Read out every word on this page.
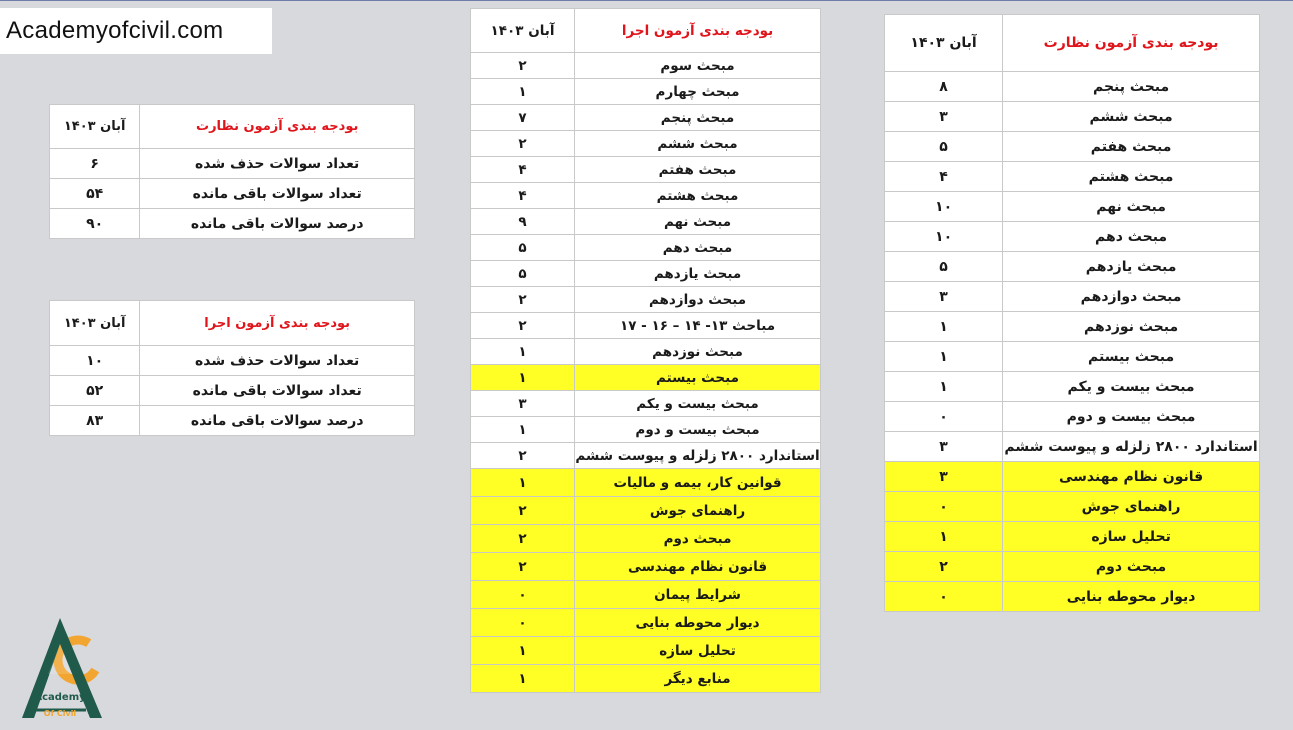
Academyofcivil.com
بودجه بندی آزمون نظارت	آبان ۱۴۰۳
تعداد سوالات حذف شده	۶
تعداد سوالات باقی مانده	۵۴
درصد سوالات باقی مانده	۹۰
بودجه بندی آزمون اجرا	آبان ۱۴۰۳
تعداد سوالات حذف شده	۱۰
تعداد سوالات باقی مانده	۵۲
درصد سوالات باقی مانده	۸۳
بودجه بندی آزمون اجرا	آبان ۱۴۰۳
مبحث سوم	۲
مبحث چهارم	۱
مبحث پنجم	۷
مبحث ششم	۲
مبحث هفتم	۴
مبحث هشتم	۴
مبحث نهم	۹
مبحث دهم	۵
مبحث یازدهم	۵
مبحث دوازدهم	۲
مباحث ۱۳- ۱۴ – ۱۶ - ۱۷	۲
مبحث نوزدهم	۱
مبحث بیستم	۱
مبحث بیست و یکم	۳
مبحث بیست و دوم	۱
استاندارد ۲۸۰۰ زلزله و پیوست ششم	۲
قوانین کار، بیمه و مالیات	۱
راهنمای جوش	۲
مبحث دوم	۲
قانون نظام مهندسی	۲
شرایط پیمان	۰
دیوار محوطه بنایی	۰
تحلیل سازه	۱
منابع دیگر	۱
بودجه بندی آزمون نظارت	آبان ۱۴۰۳
مبحث پنجم	۸
مبحث ششم	۳
مبحث هفتم	۵
مبحث هشتم	۴
مبحث نهم	۱۰
مبحث دهم	۱۰
مبحث یازدهم	۵
مبحث دوازدهم	۳
مبحث نوزدهم	۱
مبحث بیستم	۱
مبحث بیست و یکم	۱
مبحث بیست و دوم	۰
استاندارد ۲۸۰۰ زلزله و پیوست ششم	۳
قانون نظام مهندسی	۳
راهنمای جوش	۰
تحلیل سازه	۱
مبحث دوم	۲
دیوار محوطه بنایی	۰
Academy
Of Civil
